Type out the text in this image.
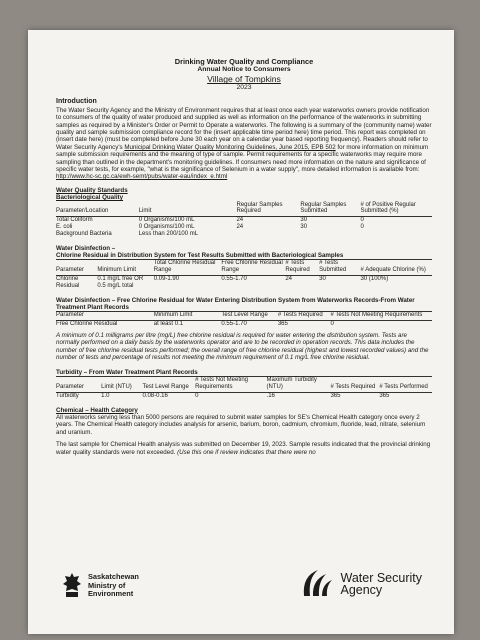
Drinking Water Quality and Compliance
Annual Notice to Consumers
Village of Tompkins
2023
Introduction

The Water Security Agency and the Ministry of Environment requires that at least once each year waterworks owners provide notification to consumers of the quality of water produced and supplied as well as information on the performance of the waterworks in submitting samples as required by a Minister's Order or Permit to Operate a waterworks. The following is a summary of the (community name) water quality and sample submission compliance record for the (insert applicable time period here) time period. This report was completed on (insert date here) (must be completed before June 30 each year on a calendar year based reporting frequency). Readers should refer to Water Security Agency's Municipal Drinking Water Quality Monitoring Guidelines, June 2015, EPB 502 for more information on minimum sample submission requirements and the meaning of type of sample. Permit requirements for a specific waterworks may require more sampling than outlined in the department's monitoring guidelines. If consumers need more information on the nature and significance of specific water tests, for example, "what is the significance of Selenium in a water supply", more detailed information is available from: http://www.hc-sc.gc.ca/ewh-semt/pubs/water-eau/index_e.html

Water Quality Standards
Bacteriological Quality
Parameter/Location	Limit	Regular Samples Required	Regular Samples Submitted	# of Positive Regular Submitted (%)
Total Coliform	0 Organisms/100 mL	24	30	0
E. coli	0 Organisms/100 mL	24	30	0
Background Bacteria	Less than 200/100 mL			
Water Disinfection –
Chlorine Residual in Distribution System for Test Results Submitted with Bacteriological Samples
Parameter	Minimum Limit	Total Chlorine Residual Range	Free Chlorine Residual Range	# Tests Required	# Tests Submitted	# Adequate Chlorine (%)
Chlorine Residual	0.1 mg/L free OR 0.5 mg/L total	0.09-1.90	0.55-1.70	24	30	30 (100%)
Water Disinfection – Free Chlorine Residual for Water Entering Distribution System from Waterworks Records-From Water Treatment Plant Records
Parameter	Minimum Limit	Test Level Range	# Tests Required	# Tests Not Meeting Requirements
Free Chlorine Residual	at least 0.1	0.55-1.70	365	0

A minimum of 0.1 milligrams per litre (mg/L) free chlorine residual is required for water entering the distribution system. Tests are normally performed on a daily basis by the waterworks operator and are to be recorded in operation records. This data includes the number of free chlorine residual tests performed; the overall range of free chlorine residual (highest and lowest recorded values) and the number of tests and percentage of results not meeting the minimum requirement of 0.1 mg/L free chlorine residual.

Turbidity – From Water Treatment Plant Records
Parameter	Limit (NTU)	Test Level Range	# Tests Not Meeting Requirements	Maximum Turbidity (NTU)	# Tests Required	# Tests Performed
Turbidity	1.0	0.08-0.16	0	.16	365	365
Chemical – Health Category

All waterworks serving less than 5000 persons are required to submit water samples for SE's Chemical Health category once every 2 years. The Chemical Health category includes analysis for arsenic, barium, boron, cadmium, chromium, fluoride, lead, nitrate, selenium and uranium.

The last sample for Chemical Health analysis was submitted on December 19, 2023. Sample results indicated that the provincial drinking water quality standards were not exceeded. (Use this one if review indicates that there were no

Saskatchewan
Ministry of
Environment
Water Security
Agency
